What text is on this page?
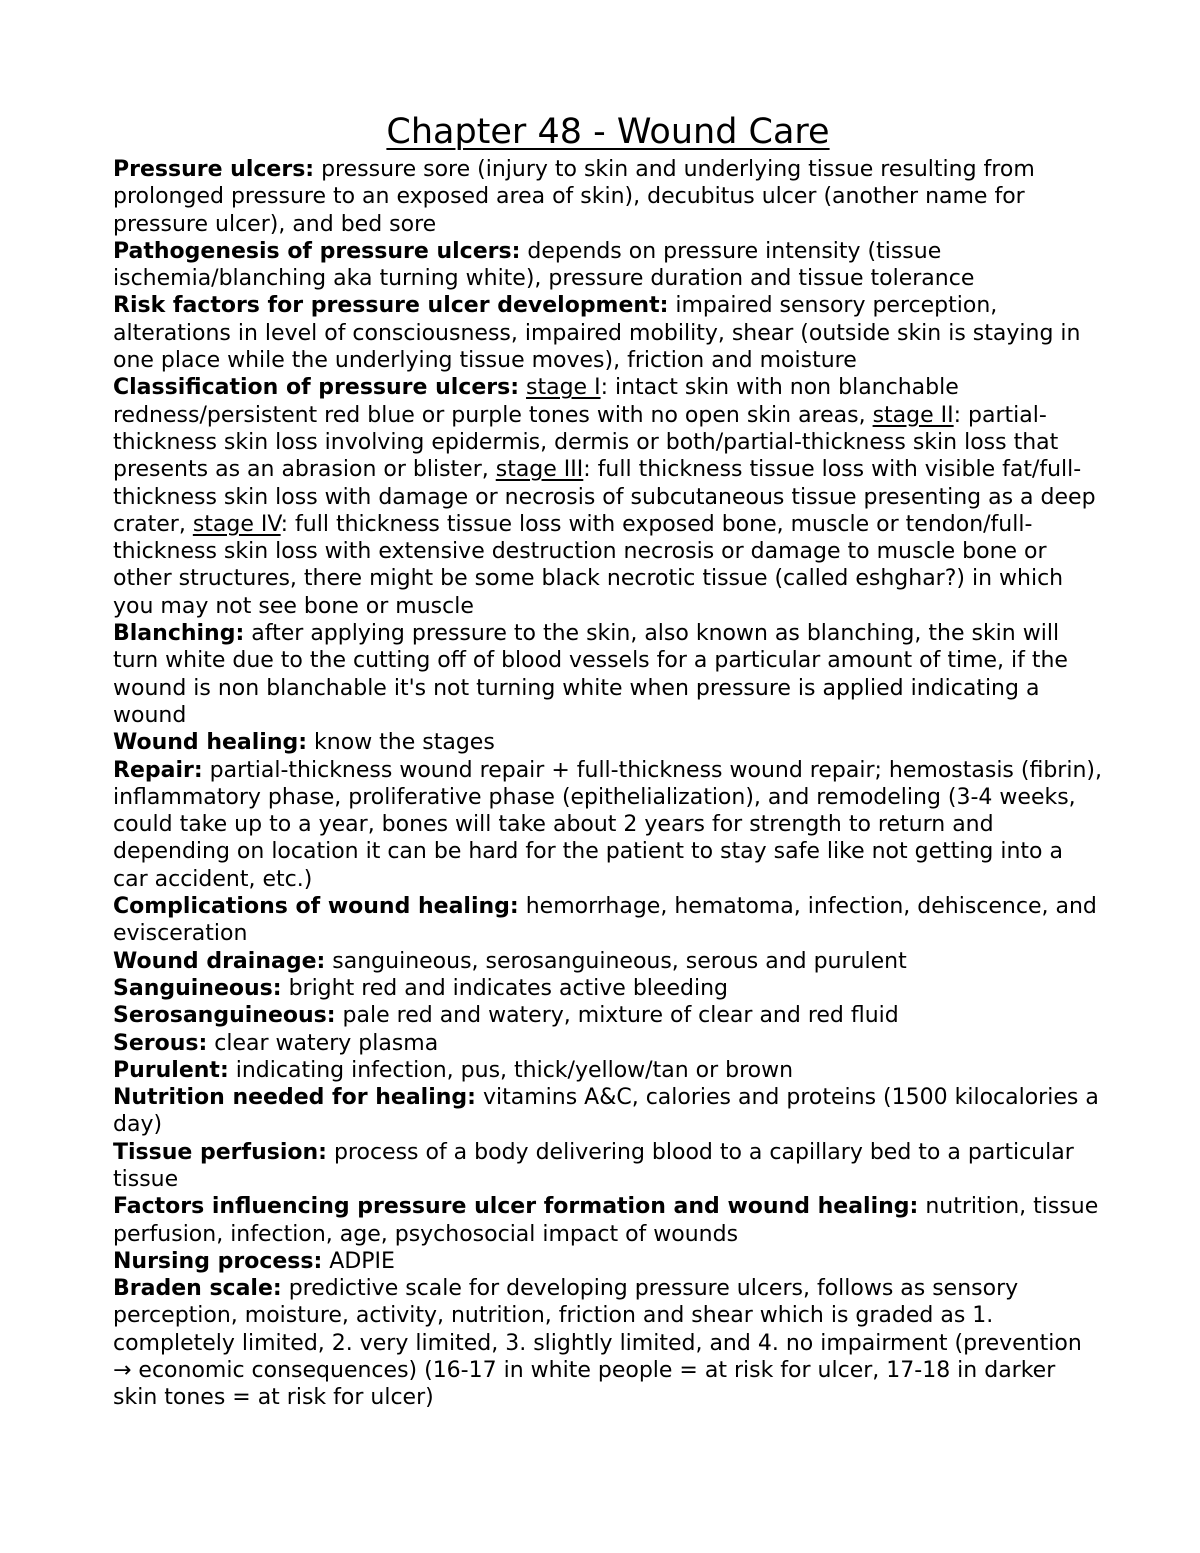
Chapter 48 - Wound Care

Pressure ulcers: pressure sore (injury to skin and underlying tissue resulting from prolonged pressure to an exposed area of skin), decubitus ulcer (another name for pressure ulcer), and bed sore

Pathogenesis of pressure ulcers: depends on pressure intensity (tissue ischemia/blanching aka turning white), pressure duration and tissue tolerance

Risk factors for pressure ulcer development: impaired sensory perception, alterations in level of consciousness, impaired mobility, shear (outside skin is staying in one place while the underlying tissue moves), friction and moisture

Classification of pressure ulcers: stage I: intact skin with non blanchable redness/persistent red blue or purple tones with no open skin areas, stage II: partial-thickness skin loss involving epidermis, dermis or both/partial-thickness skin loss that presents as an abrasion or blister, stage III: full thickness tissue loss with visible fat/full-thickness skin loss with damage or necrosis of subcutaneous tissue presenting as a deep crater, stage IV: full thickness tissue loss with exposed bone, muscle or tendon/full-thickness skin loss with extensive destruction necrosis or damage to muscle bone or other structures, there might be some black necrotic tissue (called eshghar?) in which you may not see bone or muscle

Blanching: after applying pressure to the skin, also known as blanching, the skin will turn white due to the cutting off of blood vessels for a particular amount of time, if the wound is non blanchable it's not turning white when pressure is applied indicating a wound

Wound healing: know the stages

Repair: partial-thickness wound repair + full-thickness wound repair; hemostasis (fibrin), inflammatory phase, proliferative phase (epithelialization), and remodeling (3-4 weeks, could take up to a year, bones will take about 2 years for strength to return and depending on location it can be hard for the patient to stay safe like not getting into a car accident, etc.)

Complications of wound healing: hemorrhage, hematoma, infection, dehiscence, and evisceration

Wound drainage: sanguineous, serosanguineous, serous and purulent

Sanguineous: bright red and indicates active bleeding

Serosanguineous: pale red and watery, mixture of clear and red fluid

Serous: clear watery plasma

Purulent: indicating infection, pus, thick/yellow/tan or brown

Nutrition needed for healing: vitamins A&C, calories and proteins (1500 kilocalories a day)

Tissue perfusion: process of a body delivering blood to a capillary bed to a particular tissue

Factors influencing pressure ulcer formation and wound healing: nutrition, tissue perfusion, infection, age, psychosocial impact of wounds

Nursing process: ADPIE

Braden scale: predictive scale for developing pressure ulcers, follows as sensory perception, moisture, activity, nutrition, friction and shear which is graded as 1. completely limited, 2. very limited, 3. slightly limited, and 4. no impairment (prevention → economic consequences) (16-17 in white people = at risk for ulcer, 17-18 in darker skin tones = at risk for ulcer)
